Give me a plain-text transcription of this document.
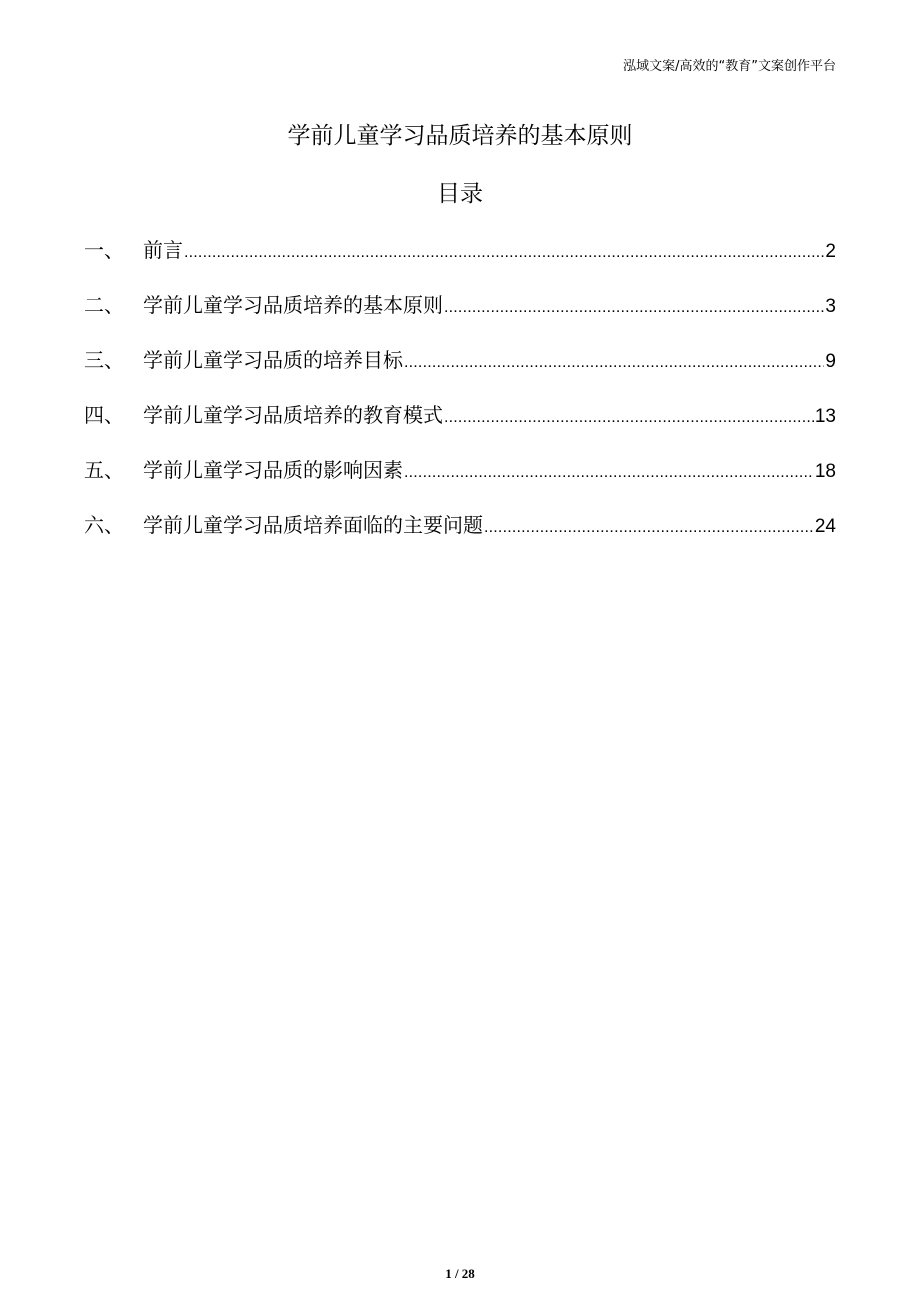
泓域文案/高效的“教育”文案创作平台
学前儿童学习品质培养的基本原则
目录
一、 前言 .....	2
二、 学前儿童学习品质培养的基本原则 .....	3
三、 学前儿童学习品质的培养目标 .....	9
四、 学前儿童学习品质培养的教育模式 .....	13
五、 学前儿童学习品质的影响因素 .....	18
六、 学前儿童学习品质培养面临的主要问题 .....	24
1 / 28
